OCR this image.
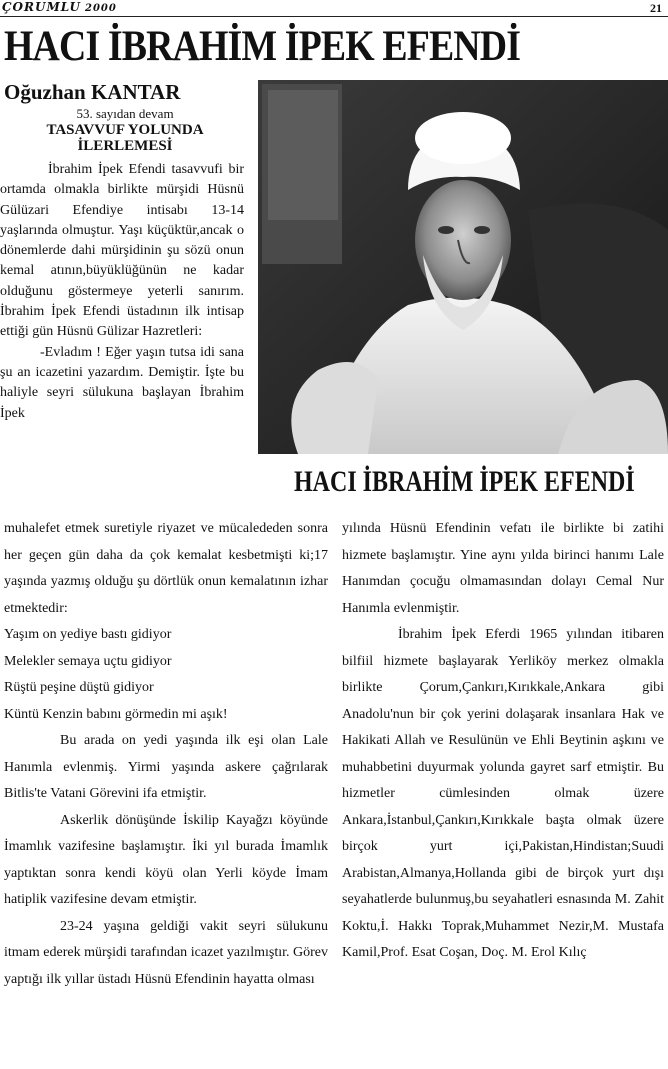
ÇORUMLU 2000	21
HACI İBRAHİM İPEK EFENDİ
Oğuzhan KANTAR
53. sayıdan devam
TASAVVUF YOLUNDA İLERLEMESİ

İbrahim İpek Efendi tasavvufi bir ortamda olmakla birlikte mürşidi Hüsnü Gülüzari Efendiye intisabı 13-14 yaşlarında olmuştur. Yaşı küçüktür,ancak o dönemlerde dahi mürşidinin şu sözü onun kemal atının,büyüklüğünün ne kadar olduğunu göstermeye yeterli sanırım. İbrahim İpek Efendi üstadının ilk intisap ettiği gün Hüsnü Gülizar Hazretleri:

-Evladım ! Eğer yaşın tutsa idi sana şu an icazetini yazardım. Demiştir. İşte bu haliyle seyri sülukuna başlayan İbrahim İpek

HACI İBRAHİM İPEK EFENDİ

muhalefet etmek suretiyle riyazet ve mücalededen sonra her geçen gün daha da çok kemalat kesbetmişti ki;17 yaşında yazmış olduğu şu dörtlük onun kemalatının izhar etmektedir:

Yaşım on yediye bastı gidiyor

Melekler semaya uçtu gidiyor

Rüştü peşine düştü gidiyor

Küntü Kenzin babını görmedin mi aşık!

Bu arada on yedi yaşında ilk eşi olan Lale Hanımla evlenmiş. Yirmi yaşında askere çağrılarak Bitlis'te Vatani Görevini ifa etmiştir.

Askerlik dönüşünde İskilip Kayağzı köyünde İmamlık vazifesine başlamıştır. İki yıl burada İmamlık yaptıktan sonra kendi köyü olan Yerli köyde İmam hatiplik vazifesine devam etmiştir.

23-24 yaşına geldiği vakit seyri sülukunu itmam ederek mürşidi tarafından icazet yazılmıştır. Görev yaptığı ilk yıllar üstadı Hüsnü Efendinin hayatta olması

yılında Hüsnü Efendinin vefatı ile birlikte bi zatihi hizmete başlamıştır. Yine aynı yılda birinci hanımı Lale Hanımdan çocuğu olmamasından dolayı Cemal Nur Hanımla evlenmiştir.

İbrahim İpek Eferdi 1965 yılından itibaren bilfiil hizmete başlayarak Yerliköy merkez olmakla birlikte Çorum,Çankırı,Kırıkkale,Ankara gibi Anadolu'nun bir çok yerini dolaşarak insanlara Hak ve Hakikati Allah ve Resulünün ve Ehli Beytinin aşkını ve muhabbetini duyurmak yolunda gayret sarf etmiştir. Bu hizmetler cümlesinden olmak üzere Ankara,İstanbul,Çankırı,Kırıkkale başta olmak üzere birçok yurt içi,Pakistan,Hindistan;Suudi Arabistan,Almanya,Hollanda gibi de birçok yurt dışı seyahatlerde bulunmuş,bu seyahatleri esnasında M. Zahit Koktu,İ. Hakkı Toprak,Muhammet Nezir,M. Mustafa Kamil,Prof. Esat Coşan, Doç. M. Erol Kılıç
